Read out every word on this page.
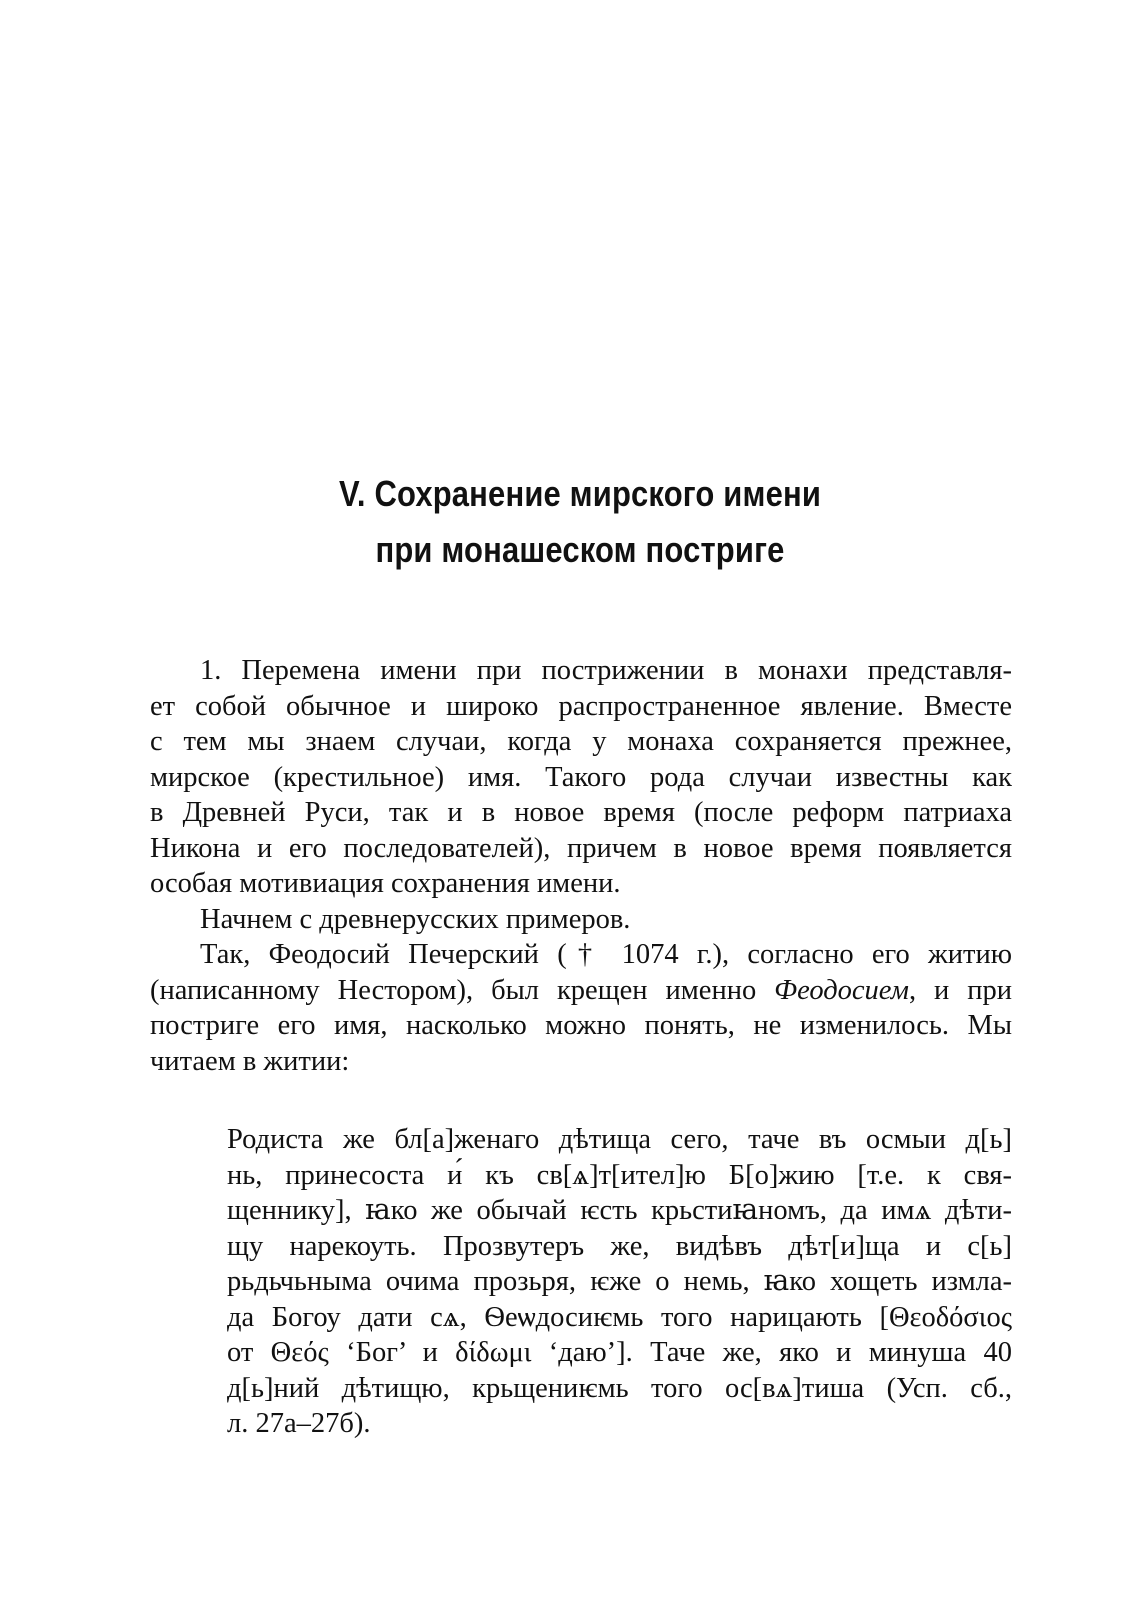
V. Сохранение мирского имени
при монашеском постриге
1. Перемена имени при пострижении в монахи представля-
ет собой обычное и широко распространенное явление. Вместе
с тем мы знаем случаи, когда у монаха сохраняется прежнее,
мирское (крестильное) имя. Такого рода случаи известны как
в Древней Руси, так и в новое время (после реформ патриаха
Никона и его последователей), причем в новое время появляется
особая мотивиация сохранения имени.
Начнем с древнерусских примеров.
Так, Феодосий Печерский († 1074 г.), согласно его житию
(написанному Нестором), был крещен именно Феодосием, и при
постриге его имя, насколько можно понять, не изменилось. Мы
читаем в житии:
Родиста же бл[а]женаго дѣтища сего, таче въ осмыи д[ь]
нь, принесоста и́ къ св[ѧ]т[ител]ю Б[о]жию [т.е. к свя-
щеннику], ꙗко же обычай ѥсть крьстиꙗномъ, да имѧ дѣти-
щу нарекоуть. Прозвутеръ же, видѣвъ дѣт[и]ща и с[ь]
рьдьчьныма очима прозьря, ѥже о немь, ꙗко хощеть измла-
да Богоу дати сѧ, Ѳеѡдосиѥмь того нарицають [Θεοδόσιος
от Θεός ‘Бог’ и δίδωμι ‘даю’]. Таче же, яко и минуша 40
д[ь]ний дѣтищю, крьщениѥмь того ос[вѧ]тиша (Усп. сб.,
л. 27а–27б).
